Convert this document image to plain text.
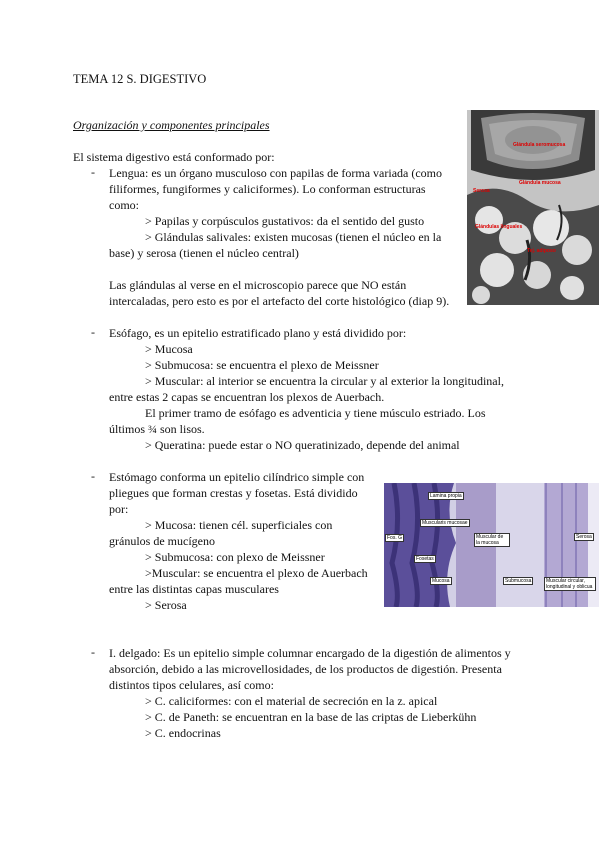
TEMA 12 S. DIGESTIVO
Organización y componentes principales
El sistema digestivo está conformado por:
- Lengua: es un órgano musculoso con papilas de forma variada (como
filiformes, fungiformes y caliciformes). Lo conforman estructuras
como:
> Papilas y corpúsculos gustativos: da el sentido del gusto
> Glándulas salivales: existen mucosas (tienen el núcleo en la
base) y serosa (tienen el núcleo central)
Las glándulas al verse en el microscopio parece que NO están
intercaladas, pero esto es por el artefacto del corte histológico (diap 9).
- Esófago, es un epitelio estratificado plano y está dividido por:
> Mucosa
> Submucosa: se encuentra el plexo de Meissner
> Muscular: al interior se encuentra la circular y al exterior la longitudinal,
entre estas 2 capas se encuentran los plexos de Auerbach.
El primer tramo de esófago es adventicia y tiene músculo estriado. Los
últimos ¾ son lisos.
> Queratina: puede estar o NO queratinizado, depende del animal
- Estómago conforma un epitelio cilíndrico simple con
pliegues que forman crestas y fosetas. Está dividido
por:
> Mucosa: tienen cél. superficiales con
gránulos de mucígeno
> Submucosa: con plexo de Meissner
>Muscular: se encuentra el plexo de Auerbach
entre las distintas capas musculares
> Serosa
- I. delgado: Es un epitelio simple columnar encargado de la digestión de alimentos y
absorción, debido a las microvellosidades, de los productos de digestión. Presenta
distintos tipos celulares, así como:
> C. caliciformes: con el material de secreción en la z. apical
> C. de Paneth: se encuentran en la base de las criptas de Lieberkühn
> C. endocrinas
Glándula seromucosa
Glándula mucosa
Serosa
Glándulas linguales
Tej. adiposo
Lamina propia
Muscularis mucosae
Fosetas
Mucosa
Muscular de la mucosa
Serosa
Submucosa	Muscular circular, longitudinal y oblicua
Fos. G
